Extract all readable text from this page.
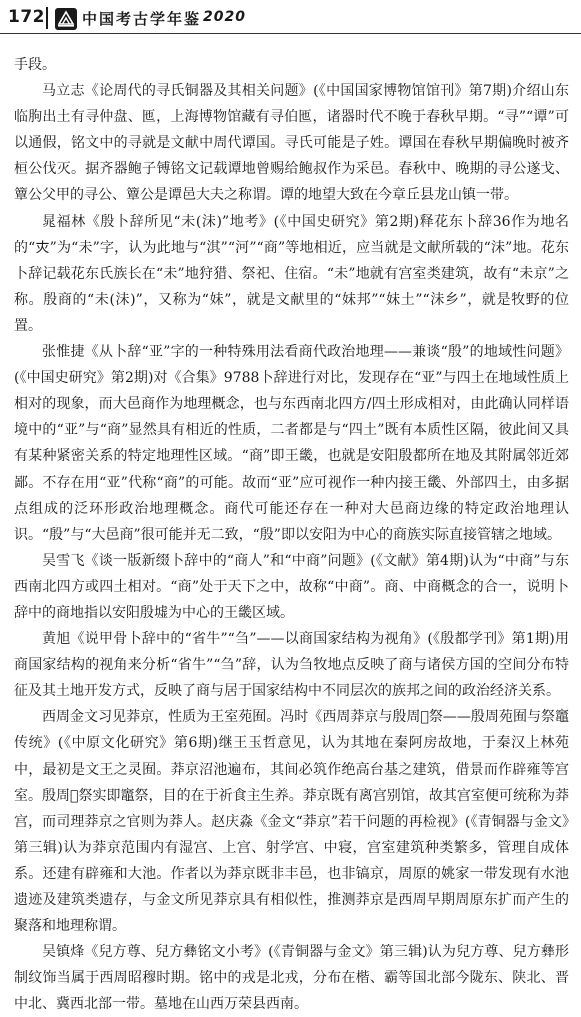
172 中国考古学年鉴 2020

手段。

马立志《论周代的寻氏铜器及其相关问题》(《中国国家博物馆馆刊》第7期)介绍山东临朐出土有寻仲盘、匜，上海博物馆藏有寻伯匜，诸器时代不晚于春秋早期。“寻”“谭”可以通假，铭文中的寻就是文献中周代谭国。寻氏可能是子姓。谭国在春秋早期偏晚时被齐桓公伐灭。据齐器鲍子镈铭文记载谭地曾赐给鲍叔作为采邑。春秋中、晚期的寻公遂戈、簟公父甲的寻公、簟公是谭邑大夫之称谓。谭的地望大致在今章丘县龙山镇一带。

晁福林《殷卜辞所见“未(沬)”地考》(《中国史研究》第2期)释花东卜辞36作为地名的“𡗜”为“未”字，认为此地与“淇”“河”“商”等地相近，应当就是文献所载的“沬”地。花东卜辞记载花东氏族长在“未”地狩猎、祭祀、住宿。“未”地就有宫室类建筑，故有“未京”之称。殷商的“未(沬)”，又称为“妹”，就是文献里的“妹邦”“妹土”“沬乡”，就是牧野的位置。

张惟捷《从卜辞“亚”字的一种特殊用法看商代政治地理——兼谈“殷”的地域性问题》(《中国史研究》第2期)对《合集》9788卜辞进行对比，发现存在“亚”与四土在地域性质上相对的现象，而大邑商作为地理概念，也与东西南北四方/四土形成相对，由此确认同样语境中的“亚”与“商”显然具有相近的性质，二者都是与“四土”既有本质性区隔，彼此间又具有某种紧密关系的特定地理性区域。“商”即王畿，也就是安阳殷都所在地及其附属邻近郊鄙。不存在用“亚”代称“商”的可能。故而“亚”应可视作一种内接王畿、外部四土，由多据点组成的泛环形政治地理概念。商代可能还存在一种对大邑商边缘的特定政治地理认识。“殷”与“大邑商”很可能并无二致，“殷”即以安阳为中心的商族实际直接管辖之地域。

吴雪飞《谈一版新缀卜辞中的“商人”和“中商”问题》(《文献》第4期)认为“中商”与东西南北四方或四土相对。“商”处于天下之中，故称“中商”。商、中商概念的合一，说明卜辞中的商地指以安阳殷墟为中心的王畿区域。

黄旭《说甲骨卜辞中的“省牛”“刍”——以商国家结构为视角》(《殷都学刊》第1期)用商国家结构的视角来分析“省牛”“刍”辞，认为刍牧地点反映了商与诸侯方国的空间分布特征及其土地开发方式，反映了商与居于国家结构中不同层次的族邦之间的政治经济关系。

西周金文习见莽京，性质为王室苑囿。冯时《西周莽京与殷周𬆌祭——殷周苑囿与祭竈传统》(《中原文化研究》第6期)继王玉哲意见，认为其地在秦阿房故地，于秦汉上林苑中，最初是文王之灵囿。莽京沼池遍布，其间必筑作绝高台基之建筑，借景而作辟雍等宫室。殷周𬆌祭实即竈祭，目的在于祈食主生养。莽京既有离宫别馆，故其宫室便可统称为莽宫，而司理莽京之官则为莽人。赵庆淼《金文“莽京”若干问题的再检视》(《青铜器与金文》第三辑)认为莽京范围内有湿宫、上宫、射学宫、中寝，宫室建筑种类繁多，管理自成体系。还建有辟雍和大池。作者以为莽京既非丰邑，也非镐京，周原的姚家一带发现有水池遗迹及建筑类遗存，与金文所见莽京具有相似性，推测莽京是西周早期周原东扩而产生的聚落和地理称谓。

吴镇烽《兒方尊、兒方彝铭文小考》(《青铜器与金文》第三辑)认为兒方尊、兒方彝形制纹饰当属于西周昭穆时期。铭中的戎是北戎，分布在楷、霸等国北部今陇东、陕北、晋中北、冀西北部一带。墓地在山西万荣县西南。
